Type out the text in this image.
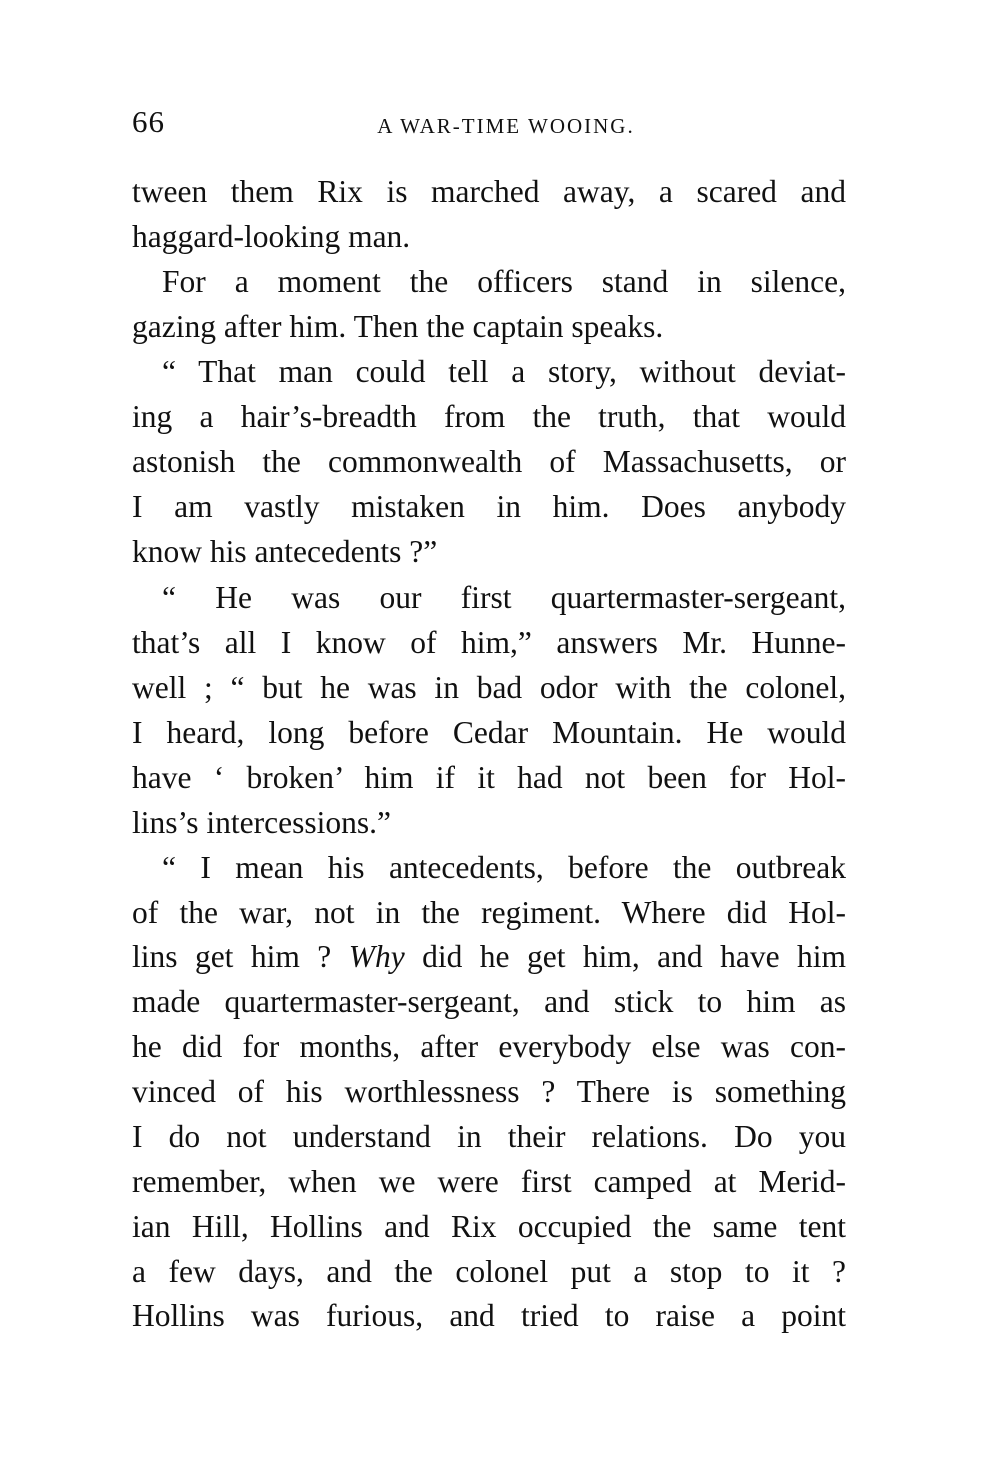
66	A WAR-TIME WOOING.
tween them Rix is marched away, a scared and
haggard-looking man.
For a moment the officers stand in silence,
gazing after him. Then the captain speaks.
“ That man could tell a story, without deviat-
ing a hair’s-breadth from the truth, that would
astonish the commonwealth of Massachusetts, or
I am vastly mistaken in him. Does anybody
know his antecedents ?”
“ He was our first quartermaster-sergeant,
that’s all I know of him,” answers Mr. Hunne-
well ; “ but he was in bad odor with the colonel,
I heard, long before Cedar Mountain. He would
have ‘ broken’ him if it had not been for Hol-
lins’s intercessions.”
“ I mean his antecedents, before the outbreak
of the war, not in the regiment. Where did Hol-
lins get him ? Why did he get him, and have him
made quartermaster-sergeant, and stick to him as
he did for months, after everybody else was con-
vinced of his worthlessness ? There is something
I do not understand in their relations. Do you
remember, when we were first camped at Merid-
ian Hill, Hollins and Rix occupied the same tent
a few days, and the colonel put a stop to it ?
Hollins was furious, and tried to raise a point
